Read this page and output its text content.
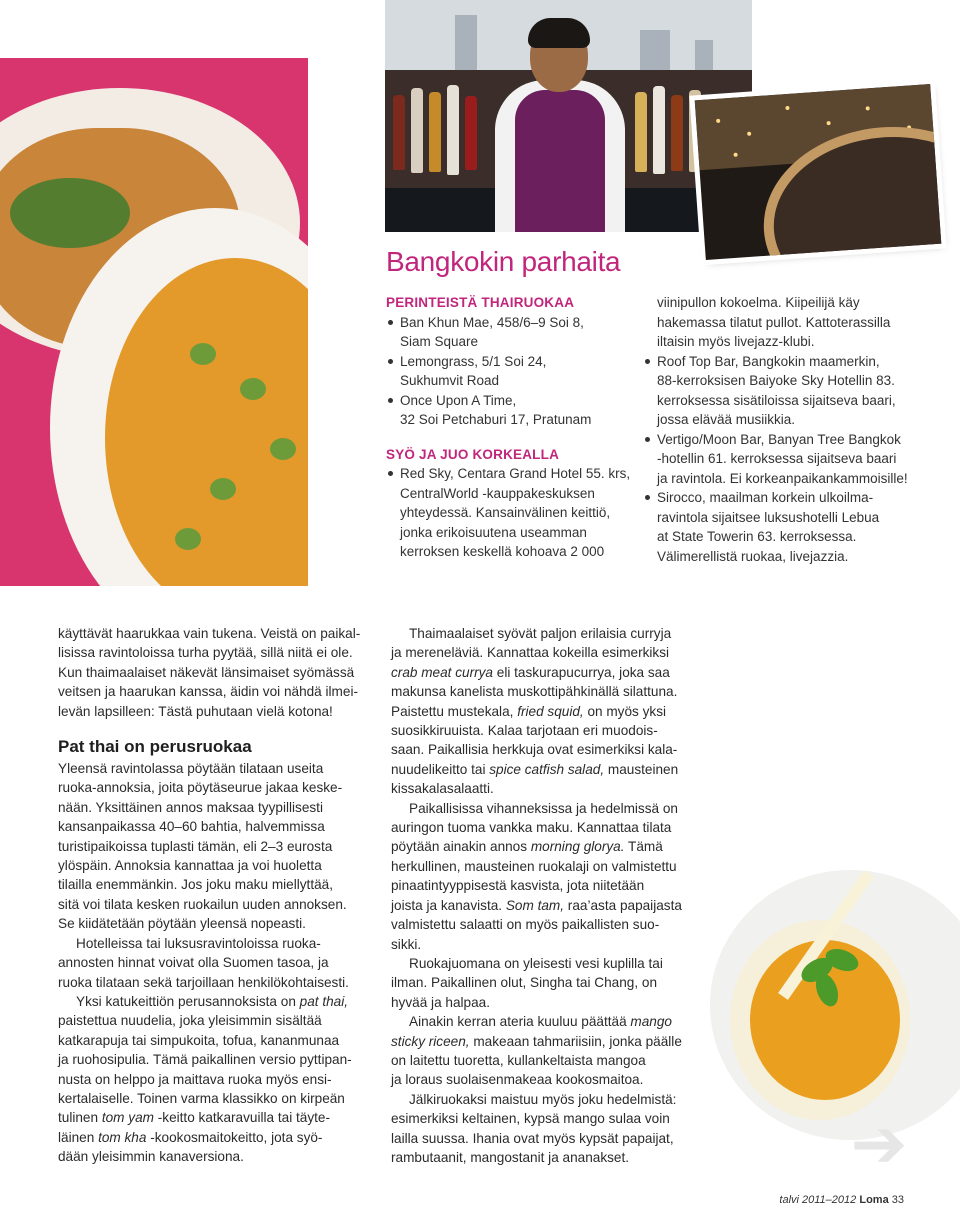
➔
Bangkokin parhaita

PERINTEISTÄ THAIRUOKAA

Ban Khun Mae, 458/6–9 Soi 8,
Siam Square
Lemongrass, 5/1 Soi 24,
Sukhumvit Road
Once Upon A Time,
32 Soi Petchaburi 17, Pratunam

SYÖ JA JUO KORKEALLA

Red Sky, Centara Grand Hotel 55. krs,
CentralWorld -kauppakeskuksen
yhteydessä. Kansainvälinen keittiö,
jonka erikoisuutena useamman
kerroksen keskellä kohoava 2 000
viinipullon kokoelma. Kiipeilijä käy
hakemassa tilatut pullot. Kattoterassilla
iltaisin myös livejazz-klubi.
Roof Top Bar, Bangkokin maamerkin,
88-kerroksisen Baiyoke Sky Hotellin 83.
kerroksessa sisätiloissa sijaitseva baari,
jossa elävää musiikkia.
Vertigo/Moon Bar, Banyan Tree Bangkok
-hotellin 61. kerroksessa sijaitseva baari
ja ravintola. Ei korkeanpaikankammoisille!
Sirocco, maailman korkein ulkoilma-
ravintola sijaitsee luksushotelli Lebua
at State Towerin 63. kerroksessa.
Välimerellistä ruokaa, livejazzia.

käyttävät haarukkaa vain tukena. Veistä on paikal-
lisissa ravintoloissa turha pyytää, sillä niitä ei ole.
Kun thaimaalaiset näkevät länsimaiset syömässä
veitsen ja haarukan kanssa, äidin voi nähdä ilmei-
levän lapsilleen: Tästä puhutaan vielä kotona!

Pat thai on perusruokaa

Yleensä ravintolassa pöytään tilataan useita
ruoka-annoksia, joita pöytäseurue jakaa keske-
nään. Yksittäinen annos maksaa tyypillisesti
kansanpaikassa 40–60 bahtia, halvemmissa
turistipaikoissa tuplasti tämän, eli 2–3 eurosta
ylöspäin. Annoksia kannattaa ja voi huoletta
tilailla enemmänkin. Jos joku maku miellyttää,
sitä voi tilata kesken ruokailun uuden annoksen.
Se kiidätetään pöytään yleensä nopeasti.

Hotelleissa tai luksusravintoloissa ruoka-
annosten hinnat voivat olla Suomen tasoa, ja
ruoka tilataan sekä tarjoillaan henkilökohtaisesti.

Yksi katukeittiön perusannoksista on pat thai,
paistettua nuudelia, joka yleisimmin sisältää
katkarapuja tai simpukoita, tofua, kananmunaa
ja ruohosipulia. Tämä paikallinen versio pyttipan-
nusta on helppo ja maittava ruoka myös ensi-
kertalaiselle. Toinen varma klassikko on kirpeän
tulinen tom yam -keitto katkaravuilla tai täyte-
läinen tom kha -kookosmaitokeitto, jota syö-
dään yleisimmin kanaversiona.

Thaimaalaiset syövät paljon erilaisia curryja
ja mereneläviä. Kannattaa kokeilla esimerkiksi
crab meat currya eli taskurapucurrya, joka saa
makunsa kanelista muskottipähkinällä silattuna.
Paistettu mustekala, fried squid, on myös yksi
suosikkiruuista. Kalaa tarjotaan eri muodois-
saan. Paikallisia herkkuja ovat esimerkiksi kala-
nuudelikeitto tai spice catfish salad, mausteinen
kissakalasalaatti.

Paikallisissa vihanneksissa ja hedelmissä on
auringon tuoma vankka maku. Kannattaa tilata
pöytään ainakin annos morning glorya. Tämä
herkullinen, mausteinen ruokalaji on valmistettu
pinaatintyyppisestä kasvista, jota niitetään
joista ja kanavista. Som tam, raa’asta papaijasta
valmistettu salaatti on myös paikallisten suo-
sikki.

Ruokajuomana on yleisesti vesi kuplilla tai
ilman. Paikallinen olut, Singha tai Chang, on
hyvää ja halpaa.

Ainakin kerran ateria kuuluu päättää mango
sticky riceen, makeaan tahmariisiin, jonka päälle
on laitettu tuoretta, kullankeltaista mangoa
ja loraus suolaisenmakeaa kookosmaitoa.

Jälkiruokaksi maistuu myös joku hedelmistä:
esimerkiksi keltainen, kypsä mango sulaa voin
lailla suussa. Ihania ovat myös kypsät papaijat,
rambutaanit, mangostanit ja ananakset.

talvi 2011–2012 Loma 33
